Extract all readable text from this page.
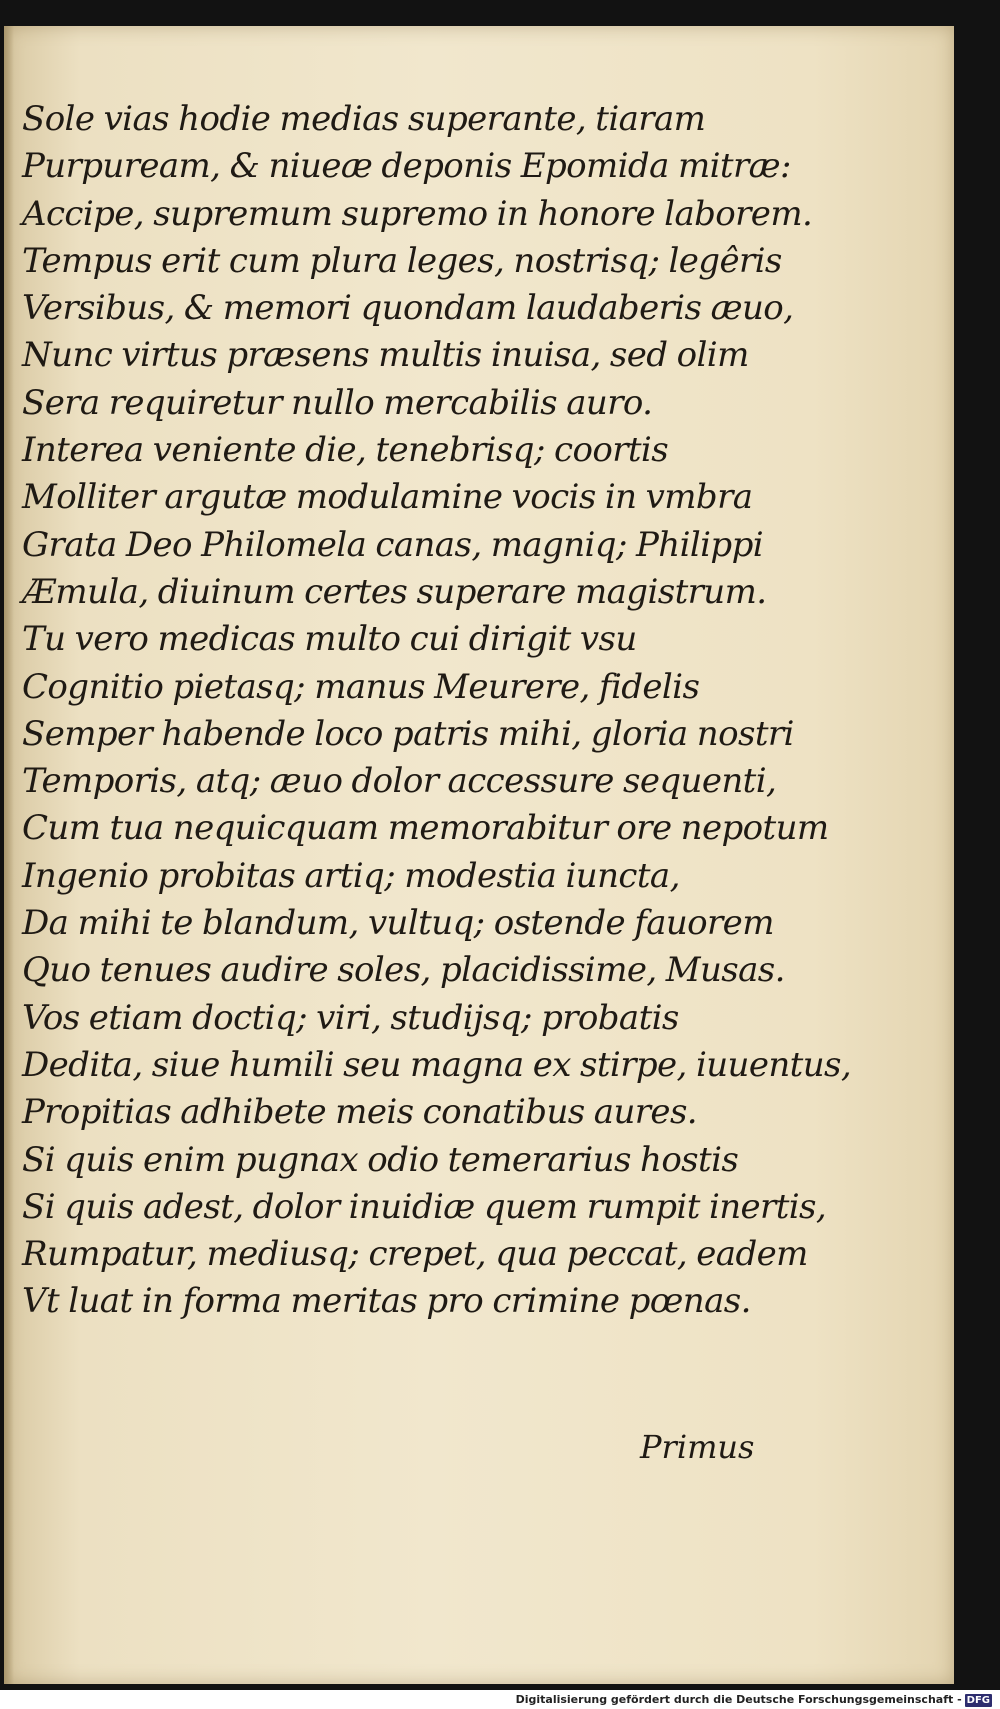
Sole vias hodie medias superante, tiaram
Purpuream, & niueæ deponis Epomida mitræ:
Accipe, supremum supremo in honore laborem.
Tempus erit cum plura leges, nostrisq; legêris
Versibus, & memori quondam laudaberis æuo,
Nunc virtus præsens multis inuisa, sed olim
Sera requiretur nullo mercabilis auro.
Interea veniente die, tenebrisq; coortis
Molliter argutæ modulamine vocis in vmbra
Grata Deo Philomela canas, magniq; Philippi
Æmula, diuinum certes superare magistrum.
Tu vero medicas multo cui dirigit vsu
Cognitio pietasq; manus Meurere, fidelis
Semper habende loco patris mihi, gloria nostri
Temporis, atq; æuo dolor accessure sequenti,
Cum tua nequicquam memorabitur ore nepotum
Ingenio probitas artiq; modestia iuncta,
Da mihi te blandum, vultuq; ostende fauorem
Quo tenues audire soles, placidissime, Musas.
Vos etiam doctiq; viri, studijsq; probatis
Dedita, siue humili seu magna ex stirpe, iuuentus,
Propitias adhibete meis conatibus aures.
Si quis enim pugnax odio temerarius hostis
Si quis adest, dolor inuidiæ quem rumpit inertis,
Rumpatur, mediusq; crepet, qua peccat, eadem
Vt luat in forma meritas pro crimine pœnas.
Primus
Digitalisierung gefördert durch die Deutsche Forschungsgemeinschaft - DFG
